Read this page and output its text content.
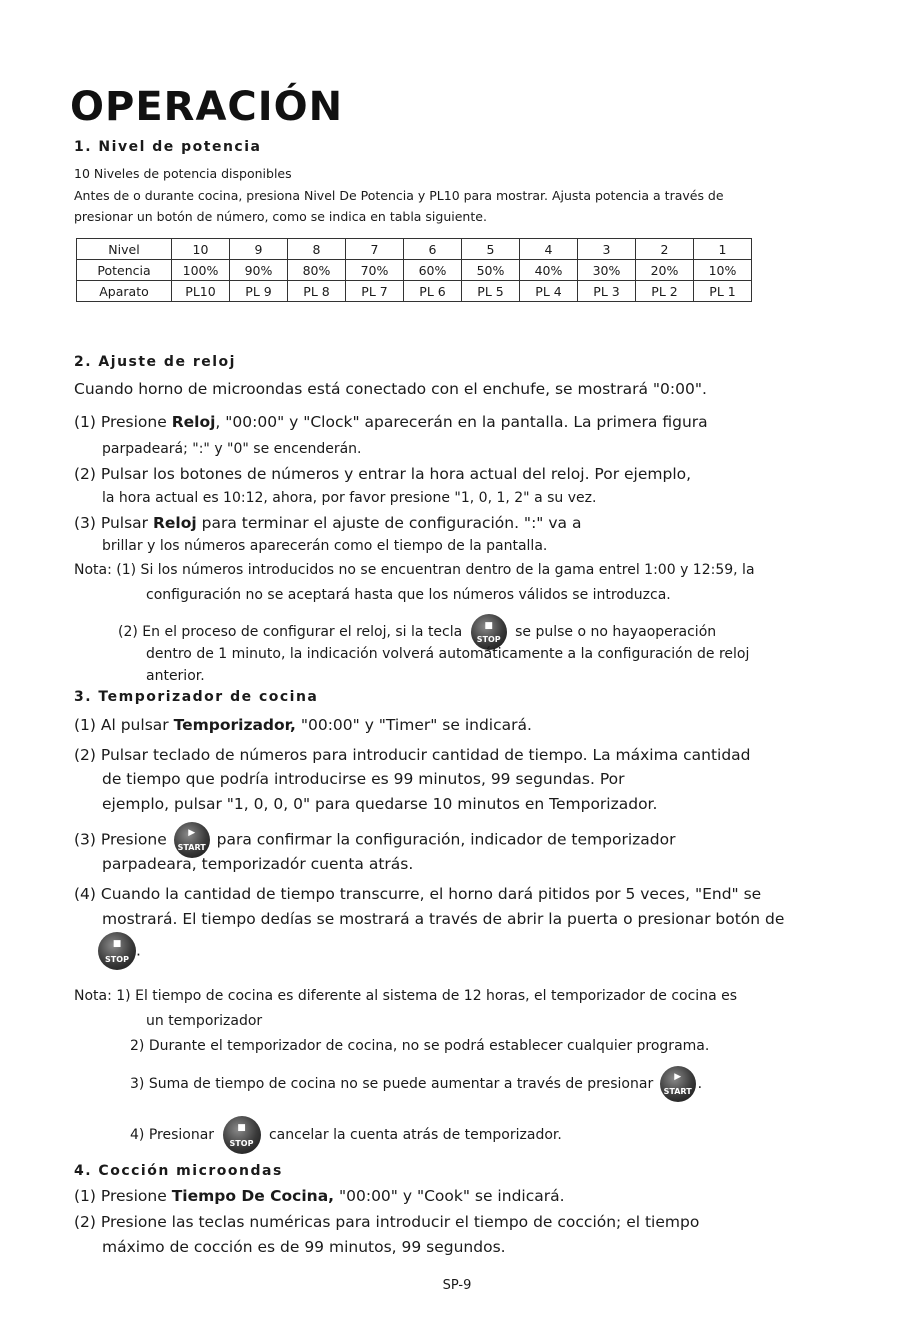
OPERACIÓN
1. Nivel de potencia
10 Niveles de potencia disponibles
Antes de o durante cocina, presiona Nivel De Potencia y PL10 para mostrar. Ajusta potencia a través de
presionar un botón de número, como se indica en tabla siguiente.
Nivel	10	9	8	7	6	5	4	3	2	1
Potencia	100%	90%	80%	70%	60%	50%	40%	30%	20%	10%
Aparato	PL10	PL 9	PL 8	PL 7	PL 6	PL 5	PL 4	PL 3	PL 2	PL 1
2. Ajuste de reloj
Cuando horno de microondas está conectado con el enchufe, se mostrará "0:00".
(1) Presione Reloj, "00:00" y "Clock" aparecerán en la pantalla. La primera figura
parpadeará; ":" y "0" se encenderán.
(2) Pulsar los botones de números y entrar la hora actual del reloj. Por ejemplo,
la hora actual es 10:12, ahora, por favor presione "1, 0, 1, 2" a su vez.
(3) Pulsar Reloj para terminar el ajuste de configuración. ":" va a
brillar y los números aparecerán como el tiempo de la pantalla.
Nota: (1) Si los números introducidos no se encuentran dentro de la gama entrel 1:00 y 12:59, la
configuración no se aceptará hasta que los números válidos se introduzca.
(2) En el proceso de configurar el reloj, si la tecla	■
STOP	se pulse o no hayaoperación
dentro de 1 minuto, la indicación volverá automáticamente a la configuración de reloj
anterior.
3. Temporizador de cocina
(1) Al pulsar Temporizador, "00:00" y "Timer" se indicará.
(2) Pulsar teclado de números para introducir cantidad de tiempo. La máxima cantidad
de tiempo que podría introducirse es 99 minutos, 99 segundas. Por
ejemplo, pulsar "1, 0, 0, 0" para quedarse 10 minutos en Temporizador.
(3) Presione	▶
START para confirmar la configuración, indicador de temporizador
parpadeara, temporizadór cuenta atrás.
(4) Cuando la cantidad de tiempo transcurre, el horno dará pitidos por 5 veces, "End" se
mostrará. El tiempo dedías se mostrará a través de abrir la puerta o presionar botón de
■
STOP .
Nota: 1) El tiempo de cocina es diferente al sistema de 12 horas, el temporizador de cocina es
un temporizador
2) Durante el temporizador de cocina, no se podrá establecer cualquier programa.
3) Suma de tiempo de cocina no se puede aumentar a través de presionar	▶
START .
4) Presionar	■
STOP
cancelar la cuenta atrás de temporizador.
4. Cocción microondas
(1) Presione Tiempo De Cocina, "00:00" y "Cook" se indicará.
(2) Presione las teclas numéricas para introducir el tiempo de cocción; el tiempo
máximo de cocción es de 99 minutos, 99 segundos.
SP-9
